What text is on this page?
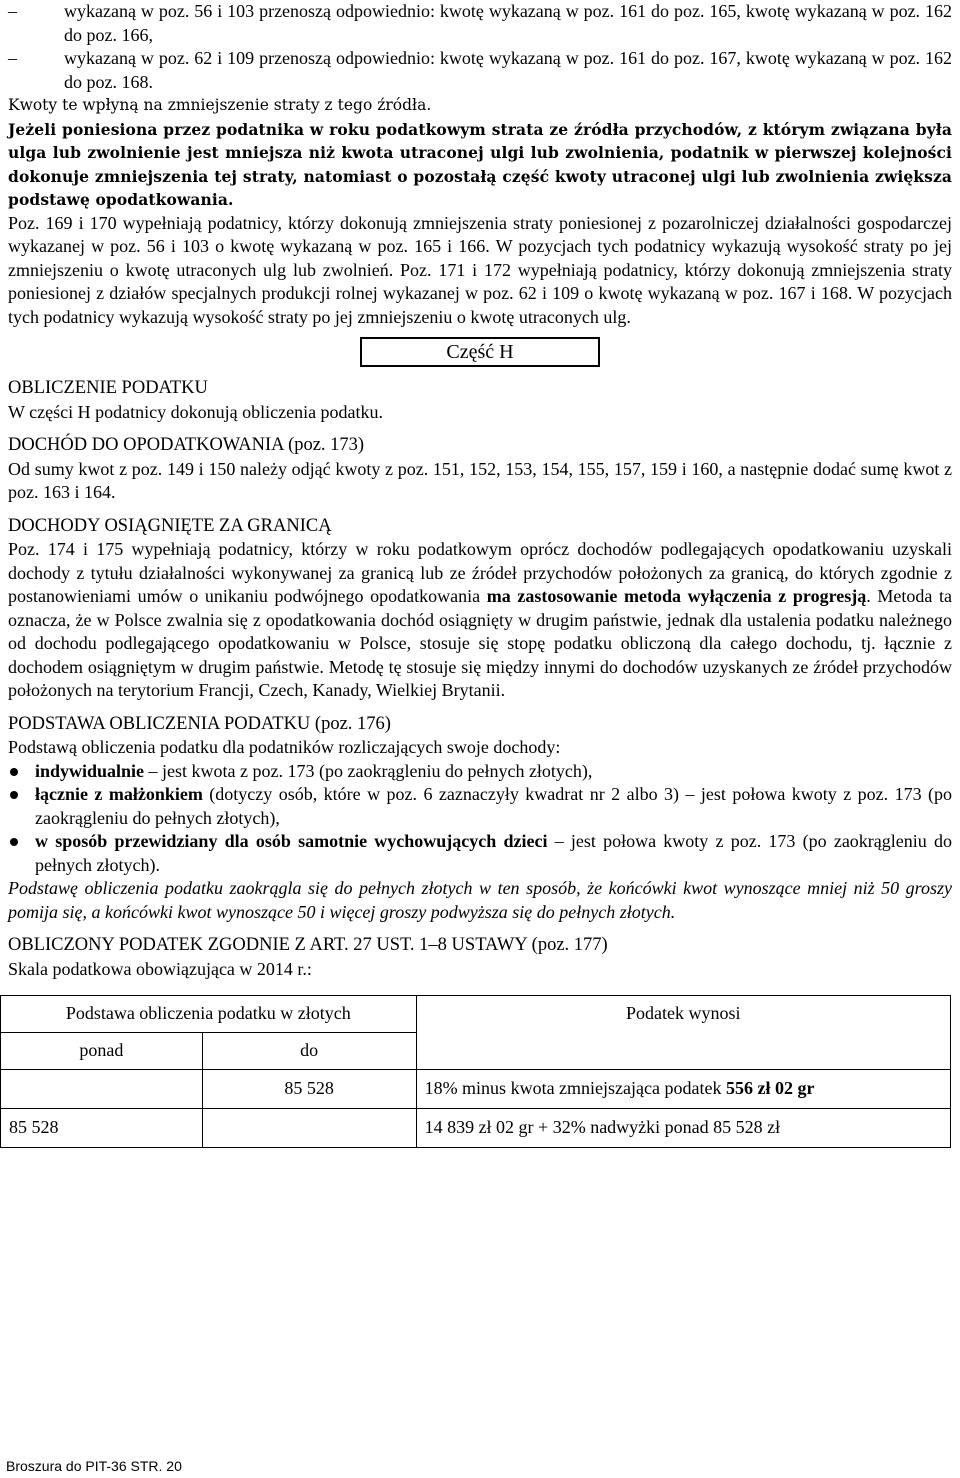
– wykazaną w poz. 56 i 103 przenoszą odpowiednio: kwotę wykazaną w poz. 161 do poz. 165, kwotę wykazaną w poz. 162 do poz. 166,
– wykazaną w poz. 62 i 109 przenoszą odpowiednio: kwotę wykazaną w poz. 161 do poz. 167, kwotę wykazaną w poz. 162 do poz. 168.

Kwoty te wpłyną na zmniejszenie straty z tego źródła.

Jeżeli poniesiona przez podatnika w roku podatkowym strata ze źródła przychodów, z którym związana była ulga lub zwolnienie jest mniejsza niż kwota utraconej ulgi lub zwolnienia, podatnik w pierwszej kolejności dokonuje zmniejszenia tej straty, natomiast o pozostałą część kwoty utraconej ulgi lub zwolnienia zwiększa podstawę opodatkowania.

Poz. 169 i 170 wypełniają podatnicy, którzy dokonują zmniejszenia straty poniesionej z pozarolniczej działalności gospodarczej wykazanej w poz. 56 i 103 o kwotę wykazaną w poz. 165 i 166. W pozycjach tych podatnicy wykazują wysokość straty po jej zmniejszeniu o kwotę utraconych ulg lub zwolnień. Poz. 171 i 172 wypełniają podatnicy, którzy dokonują zmniejszenia straty poniesionej z działów specjalnych produkcji rolnej wykazanej w poz. 62 i 109 o kwotę wykazaną w poz. 167 i 168. W pozycjach tych podatnicy wykazują wysokość straty po jej zmniejszeniu o kwotę utraconych ulg.

Część H

OBLICZENIE PODATKU

W części H podatnicy dokonują obliczenia podatku.

DOCHÓD DO OPODATKOWANIA (poz. 173)

Od sumy kwot z poz. 149 i 150 należy odjąć kwoty z poz. 151, 152, 153, 154, 155, 157, 159 i 160, a następnie dodać sumę kwot z poz. 163 i 164.

DOCHODY OSIĄGNIĘTE ZA GRANICĄ

Poz. 174 i 175 wypełniają podatnicy, którzy w roku podatkowym oprócz dochodów podlegających opodatkowaniu uzyskali dochody z tytułu działalności wykonywanej za granicą lub ze źródeł przychodów położonych za granicą, do których zgodnie z postanowieniami umów o unikaniu podwójnego opodatkowania ma zastosowanie metoda wyłączenia z progresją. Metoda ta oznacza, że w Polsce zwalnia się z opodatkowania dochód osiągnięty w drugim państwie, jednak dla ustalenia podatku należnego od dochodu podlegającego opodatkowaniu w Polsce, stosuje się stopę podatku obliczoną dla całego dochodu, tj. łącznie z dochodem osiągniętym w drugim państwie. Metodę tę stosuje się między innymi do dochodów uzyskanych ze źródeł przychodów położonych na terytorium Francji, Czech, Kanady, Wielkiej Brytanii.

PODSTAWA OBLICZENIA PODATKU (poz. 176)

Podstawą obliczenia podatku dla podatników rozliczających swoje dochody:

indywidualnie – jest kwota z poz. 173 (po zaokrągleniu do pełnych złotych),
łącznie z małżonkiem (dotyczy osób, które w poz. 6 zaznaczyły kwadrat nr 2 albo 3) – jest połowa kwoty z poz. 173 (po zaokrągleniu do pełnych złotych),
w sposób przewidziany dla osób samotnie wychowujących dzieci – jest połowa kwoty z poz. 173 (po zaokrągleniu do pełnych złotych).

Podstawę obliczenia podatku zaokrągla się do pełnych złotych w ten sposób, że końcówki kwot wynoszące mniej niż 50 groszy pomija się, a końcówki kwot wynoszące 50 i więcej groszy podwyższa się do pełnych złotych.

OBLICZONY PODATEK ZGODNIE Z ART. 27 UST. 1–8 USTAWY (poz. 177)

Skala podatkowa obowiązująca w 2014 r.:

Podstawa obliczenia podatku w złotych		Podatek wynosi
ponad	do	
	85 528	18% minus kwota zmniejszająca podatek 556 zł 02 gr
85 528		14 839 zł 02 gr + 32% nadwyżki ponad 85 528 zł
Broszura do PIT-36 STR. 20
